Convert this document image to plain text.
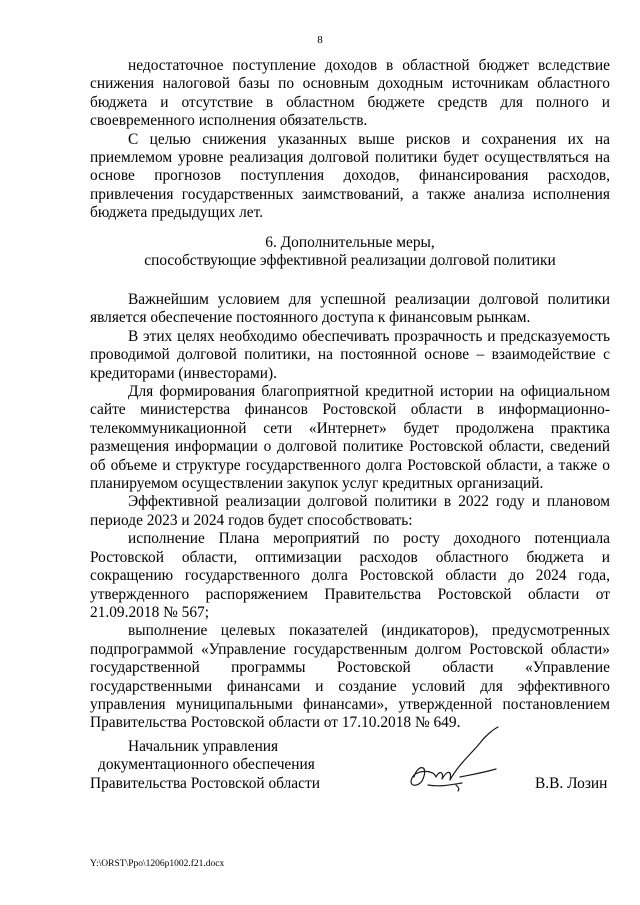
8

недостаточное поступление доходов в областной бюджет вследствие снижения налоговой базы по основным доходным источникам областного бюджета и отсутствие в областном бюджете средств для полного и своевременного исполнения обязательств.

С целью снижения указанных выше рисков и сохранения их на приемлемом уровне реализация долговой политики будет осуществляться на основе прогнозов поступления доходов, финансирования расходов, привлечения государственных заимствований, а также анализа исполнения бюджета предыдущих лет.

6. Дополнительные меры,

способствующие эффективной реализации долговой политики

Важнейшим условием для успешной реализации долговой политики является обеспечение постоянного доступа к финансовым рынкам.

В этих целях необходимо обеспечивать прозрачность и предсказуемость проводимой долговой политики, на постоянной основе – взаимодействие с кредиторами (инвесторами).

Для формирования благоприятной кредитной истории на официальном сайте министерства финансов Ростовской области в информационно-телекоммуникационной сети «Интернет» будет продолжена практика размещения информации о долговой политике Ростовской области, сведений об объеме и структуре государственного долга Ростовской области, а также о планируемом осуществлении закупок услуг кредитных организаций.

Эффективной реализации долговой политики в 2022 году и плановом периоде 2023 и 2024 годов будет способствовать:

исполнение Плана мероприятий по росту доходного потенциала Ростовской области, оптимизации расходов областного бюджета и сокращению государственного долга Ростовской области до 2024 года, утвержденного распоряжением Правительства Ростовской области от 21.09.2018 № 567;

выполнение целевых показателей (индикаторов), предусмотренных подпрограммой «Управление государственным долгом Ростовской области» государственной программы Ростовской области «Управление государственными финансами и создание условий для эффективного управления муниципальными финансами», утвержденной постановлением Правительства Ростовской области от 17.10.2018 № 649.

Начальник управления
документационного обеспечения
Правительства Ростовской области	В.В. Лозин
Y:\ORST\Ppo\1206p1002.f21.docx
